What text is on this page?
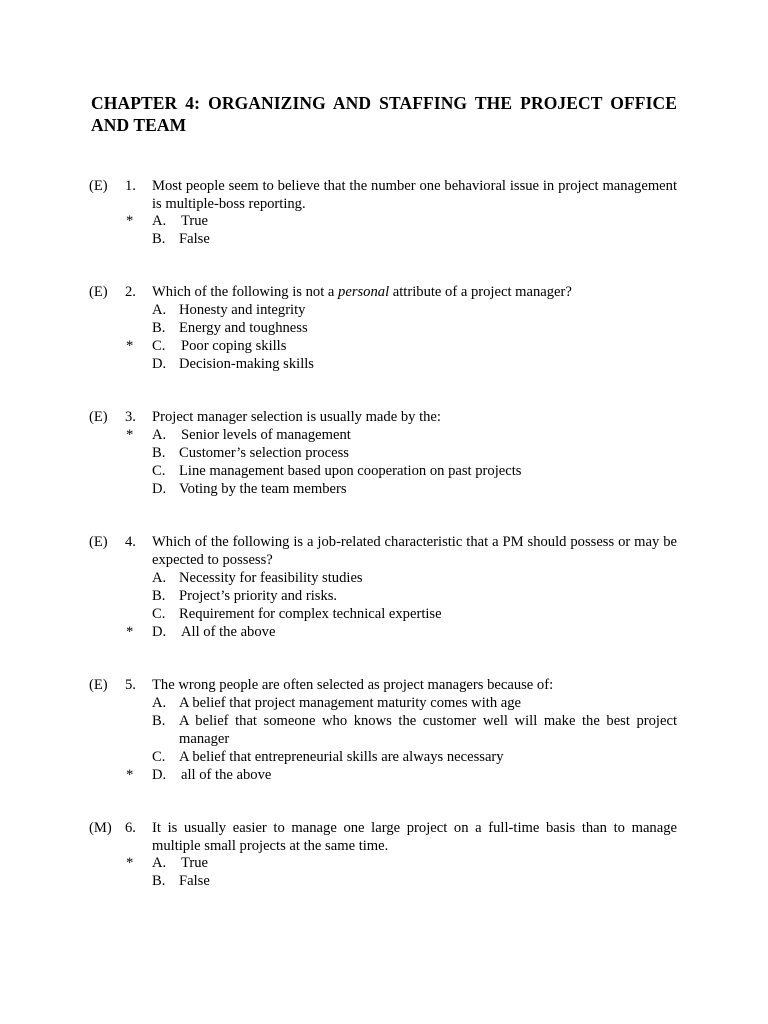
CHAPTER 4: ORGANIZING AND STAFFING THE PROJECT OFFICE AND TEAM
(E) 1. Most people seem to believe that the number one behavioral issue in project management is multiple-boss reporting.
* A. True
B. False
(E) 2. Which of the following is not a personal attribute of a project manager?
A. Honesty and integrity
B. Energy and toughness
* C. Poor coping skills
D. Decision-making skills
(E) 3. Project manager selection is usually made by the:
* A. Senior levels of management
B. Customer’s selection process
C. Line management based upon cooperation on past projects
D. Voting by the team members
(E) 4. Which of the following is a job-related characteristic that a PM should possess or may be expected to possess?
A. Necessity for feasibility studies
B. Project’s priority and risks.
C. Requirement for complex technical expertise
* D. All of the above
(E) 5. The wrong people are often selected as project managers because of:
A. A belief that project management maturity comes with age
B. A belief that someone who knows the customer well will make the best project manager
C. A belief that entrepreneurial skills are always necessary
* D. all of the above
(M) 6. It is usually easier to manage one large project on a full-time basis than to manage multiple small projects at the same time.
* A. True
B. False
